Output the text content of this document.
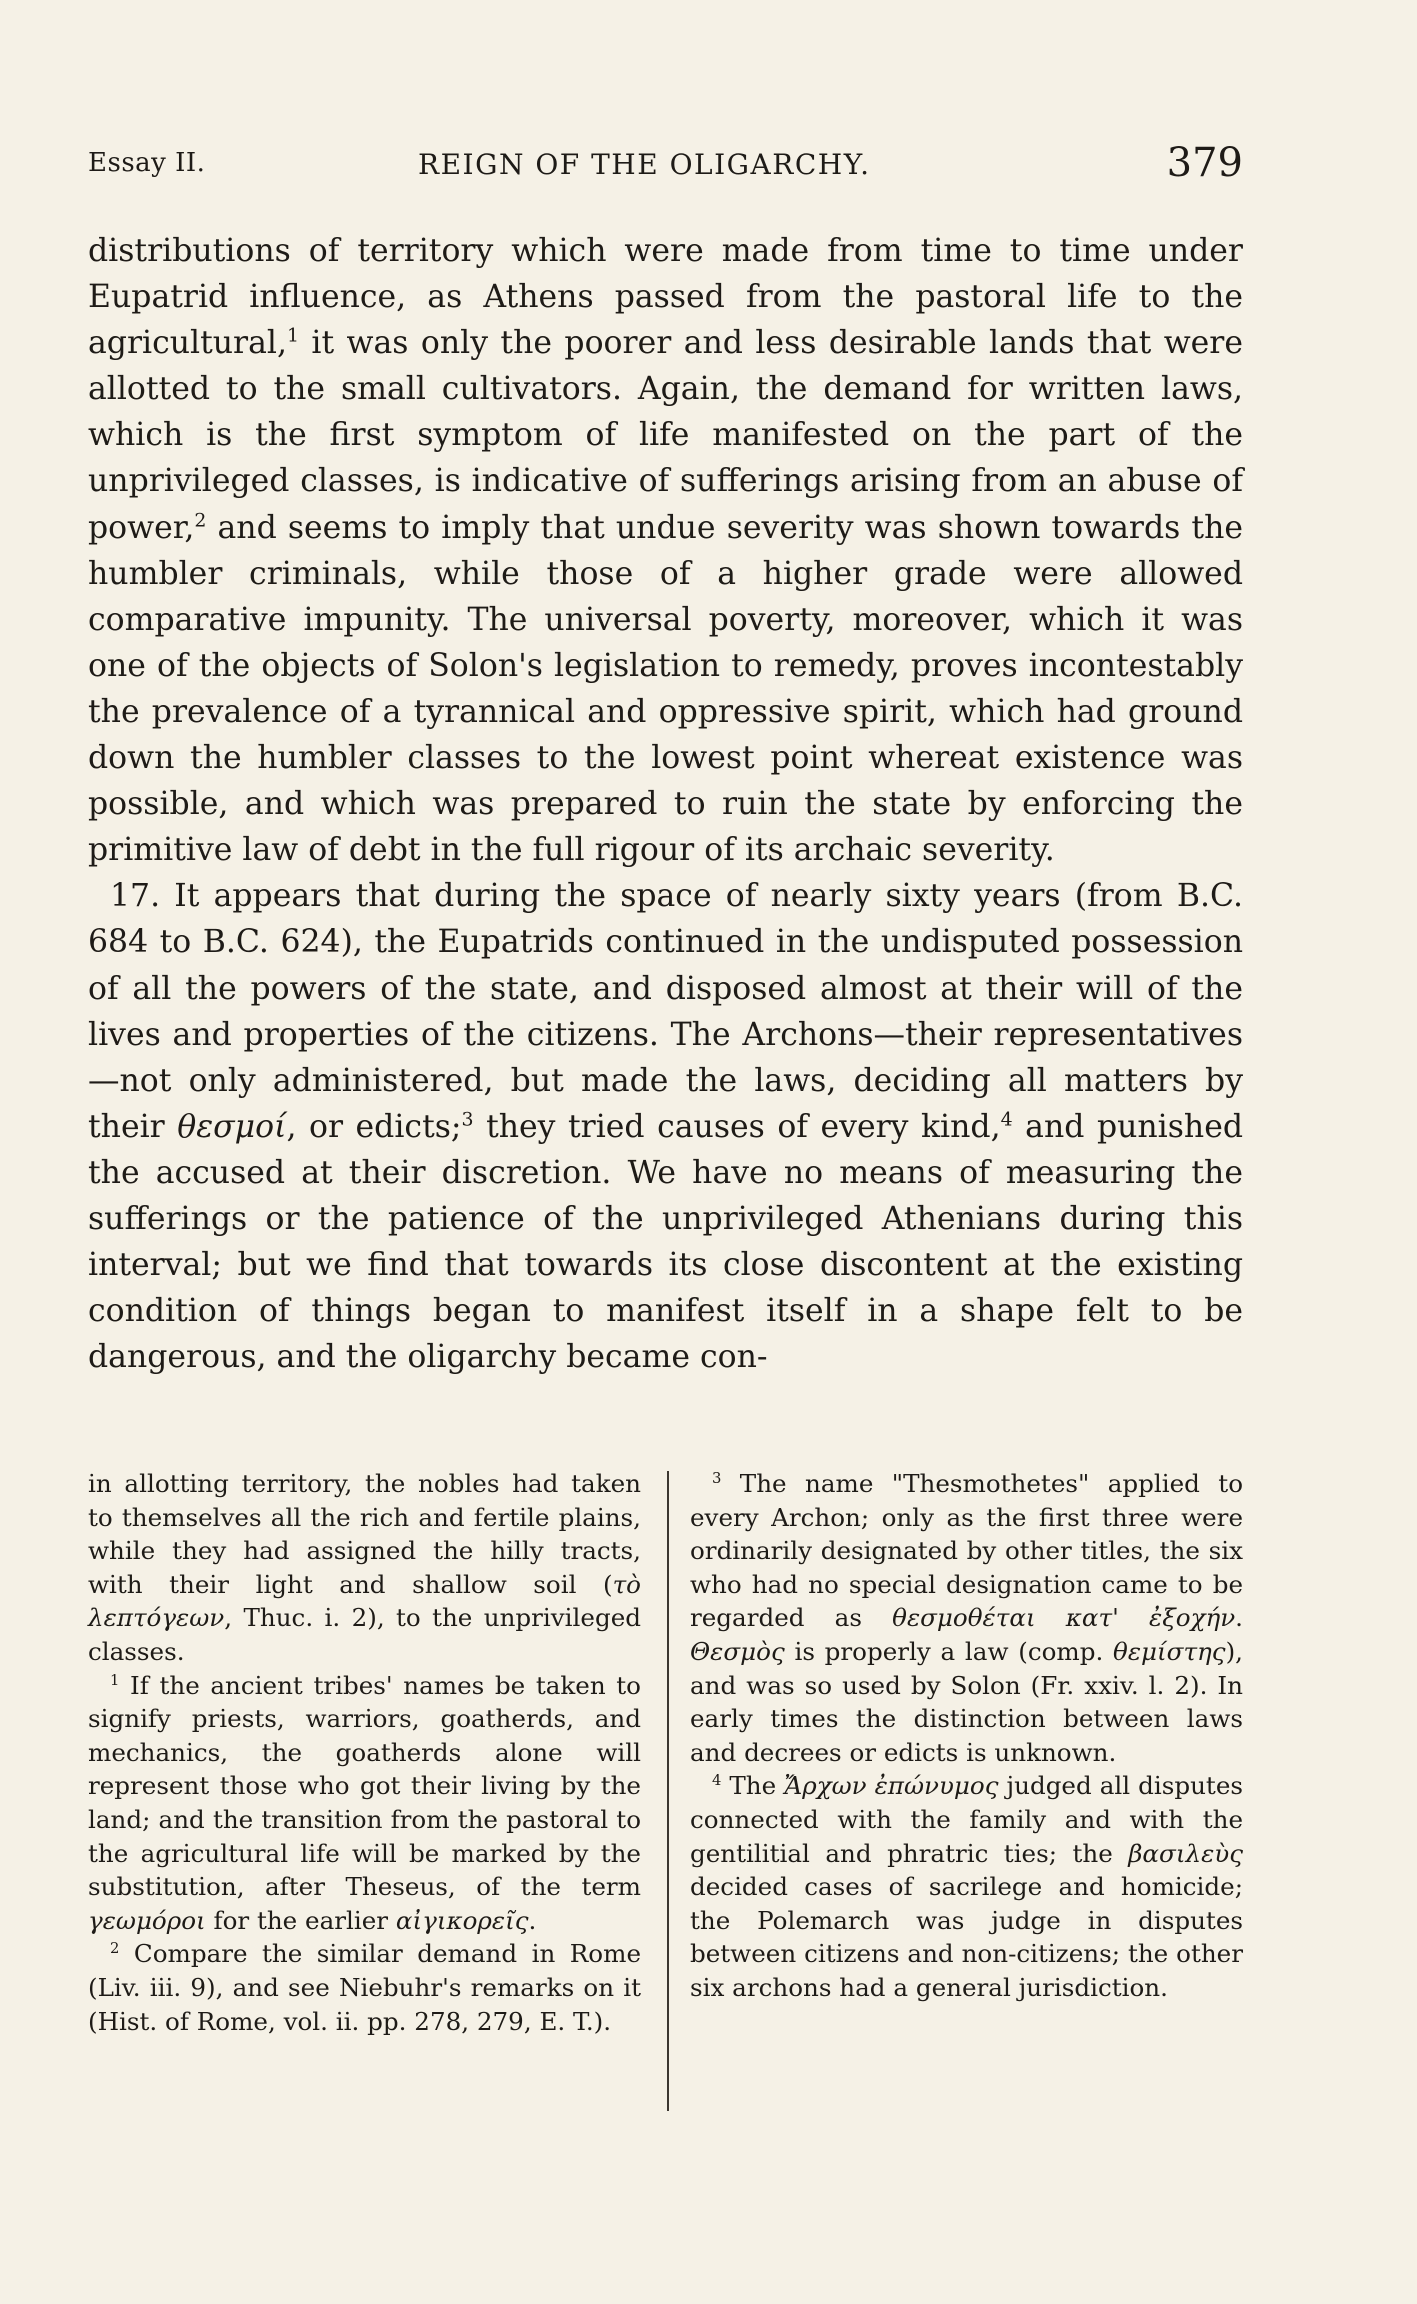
Essay II.	REIGN OF THE OLIGARCHY.	379

distributions of territory which were made from time to time under Eupatrid influence, as Athens passed from the pastoral life to the agricultural,$^1$ it was only the poorer and less desirable lands that were allotted to the small cultivators. Again, the demand for written laws, which is the first symptom of life manifested on the part of the unprivileged classes, is indicative of sufferings arising from an abuse of power,$^2$ and seems to imply that undue severity was shown towards the humbler criminals, while those of a higher grade were allowed comparative impunity. The universal poverty, moreover, which it was one of the objects of Solon's legislation to remedy, proves incontestably the prevalence of a tyrannical and oppressive spirit, which had ground down the humbler classes to the lowest point whereat existence was possible, and which was prepared to ruin the state by enforcing the primitive law of debt in the full rigour of its archaic severity.

17. It appears that during the space of nearly sixty years (from B.C. 684 to B.C. 624), the Eupatrids continued in the undisputed possession of all the powers of the state, and disposed almost at their will of the lives and properties of the citizens. The Archons—their representatives—not only administered, but made the laws, deciding all matters by their θεσμοί, or edicts;$^3$ they tried causes of every kind,$^4$ and punished the accused at their discretion. We have no means of measuring the sufferings or the patience of the unprivileged Athenians during this interval; but we find that towards its close discontent at the existing condition of things began to manifest itself in a shape felt to be dangerous, and the oligarchy became con-

in allotting territory, the nobles had taken to themselves all the rich and fertile plains, while they had assigned the hilly tracts, with their light and shallow soil (τὸ λεπτόγεων, Thuc. i. 2), to the unprivileged classes.

$^1$ If the ancient tribes' names be taken to signify priests, warriors, goatherds, and mechanics, the goatherds alone will represent those who got their living by the land; and the transition from the pastoral to the agricultural life will be marked by the substitution, after Theseus, of the term γεωμόροι for the earlier αἰγικορεῖς.

$^2$ Compare the similar demand in Rome (Liv. iii. 9), and see Niebuhr's remarks on it (Hist. of Rome, vol. ii. pp. 278, 279, E. T.).

$^3$ The name "Thesmothetes" applied to every Archon; only as the first three were ordinarily designated by other titles, the six who had no special designation came to be regarded as θεσμοθέται κατ' ἐξοχήν. Θεσμὸς is properly a law (comp. θεμίστης), and was so used by Solon (Fr. xxiv. l. 2). In early times the distinction between laws and decrees or edicts is unknown.

$^4$ The Ἄρχων ἐπώνυμος judged all disputes connected with the family and with the gentilitial and phratric ties; the βασιλεὺς decided cases of sacrilege and homicide; the Polemarch was judge in disputes between citizens and non-citizens; the other six archons had a general jurisdiction.
